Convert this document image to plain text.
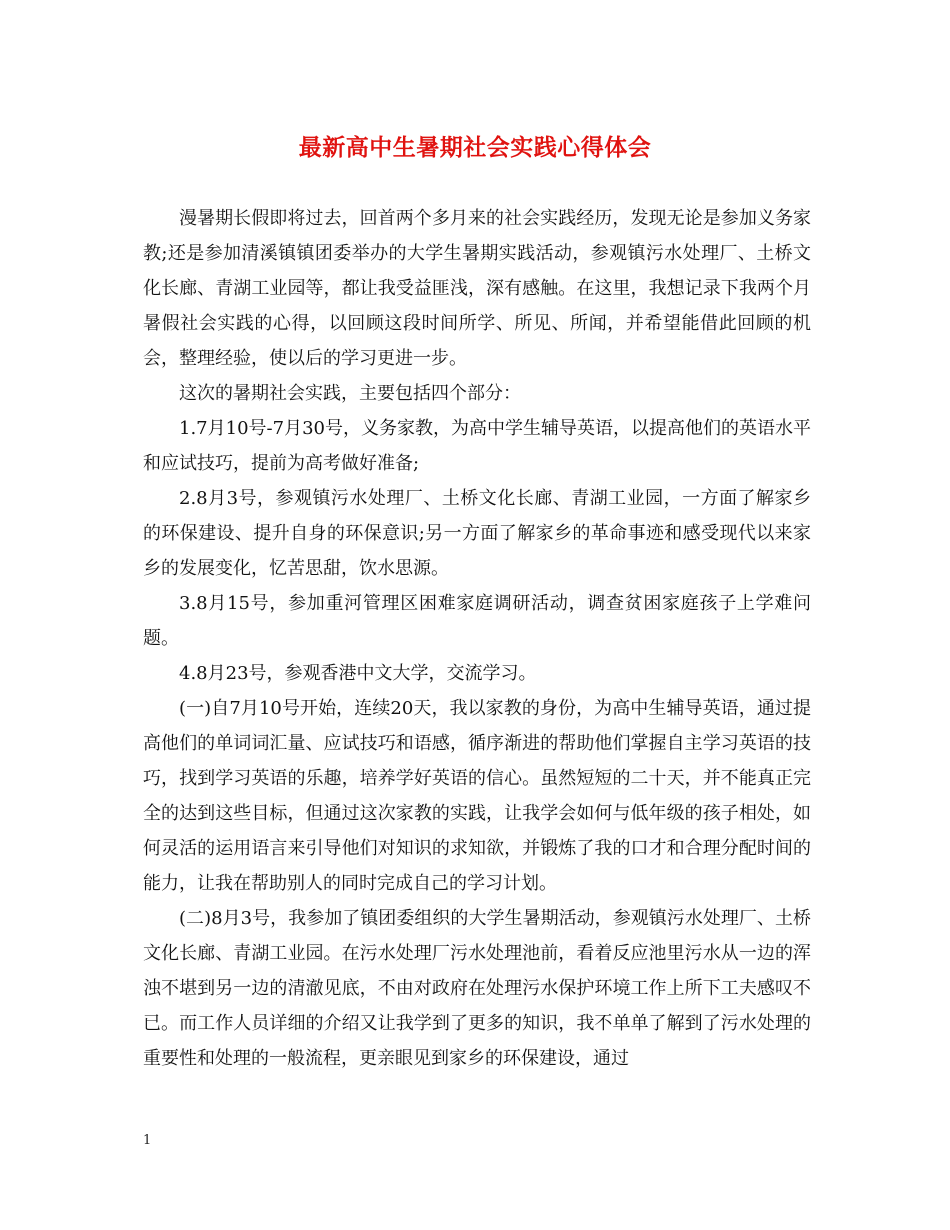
最新高中生暑期社会实践心得体会

漫暑期长假即将过去，回首两个多月来的社会实践经历，发现无论是参加义务家教;还是参加清溪镇镇团委举办的大学生暑期实践活动，参观镇污水处理厂、土桥文化长廊、青湖工业园等，都让我受益匪浅，深有感触。在这里，我想记录下我两个月暑假社会实践的心得，以回顾这段时间所学、所见、所闻，并希望能借此回顾的机会，整理经验，使以后的学习更进一步。

这次的暑期社会实践，主要包括四个部分：

1.7月10号-7月30号，义务家教，为高中学生辅导英语，以提高他们的英语水平和应试技巧，提前为高考做好准备;

2.8月3号，参观镇污水处理厂、土桥文化长廊、青湖工业园，一方面了解家乡的环保建设、提升自身的环保意识;另一方面了解家乡的革命事迹和感受现代以来家乡的发展变化，忆苦思甜，饮水思源。

3.8月15号，参加重河管理区困难家庭调研活动，调查贫困家庭孩子上学难问题。

4.8月23号，参观香港中文大学，交流学习。

(一)自7月10号开始，连续20天，我以家教的身份，为高中生辅导英语，通过提高他们的单词词汇量、应试技巧和语感，循序渐进的帮助他们掌握自主学习英语的技巧，找到学习英语的乐趣，培养学好英语的信心。虽然短短的二十天，并不能真正完全的达到这些目标，但通过这次家教的实践，让我学会如何与低年级的孩子相处，如何灵活的运用语言来引导他们对知识的求知欲，并锻炼了我的口才和合理分配时间的能力，让我在帮助别人的同时完成自己的学习计划。

(二)8月3号，我参加了镇团委组织的大学生暑期活动，参观镇污水处理厂、土桥文化长廊、青湖工业园。在污水处理厂污水处理池前，看着反应池里污水从一边的浑浊不堪到另一边的清澈见底，不由对政府在处理污水保护环境工作上所下工夫感叹不已。而工作人员详细的介绍又让我学到了更多的知识，我不单单了解到了污水处理的重要性和处理的一般流程，更亲眼见到家乡的环保建设，通过

1
